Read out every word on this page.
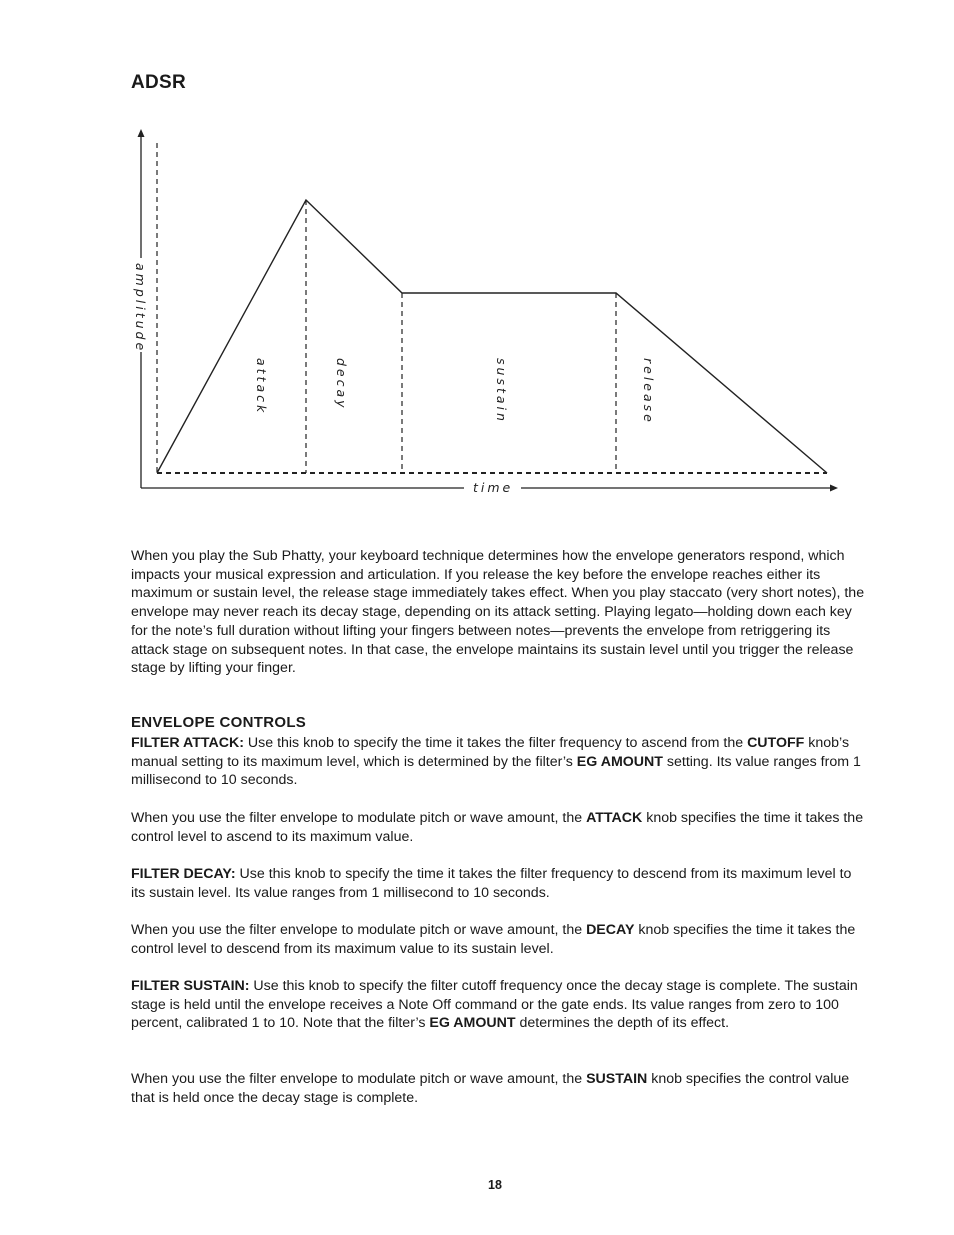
ADSR
amplitude
time
attack	decay	sustain	release

When you play the Sub Phatty, your keyboard technique determines how the envelope generators respond, which impacts your musical expression and articulation. If you release the key before the envelope reaches either its maximum or sustain level, the release stage immediately takes effect. When you play staccato (very short notes), the envelope may never reach its decay stage, depending on its attack setting. Playing legato—holding down each key for the note’s full duration without lifting your fingers between notes—prevents the envelope from retriggering its attack stage on subsequent notes. In that case, the envelope maintains its sustain level until you trigger the release stage by lifting your finger.

ENVELOPE CONTROLS

FILTER ATTACK: Use this knob to specify the time it takes the filter frequency to ascend from the CUTOFF knob’s manual setting to its maximum level, which is determined by the filter’s EG AMOUNT setting. Its value ranges from 1 millisecond to 10 seconds.

When you use the filter envelope to modulate pitch or wave amount, the ATTACK knob specifies the time it takes the control level to ascend to its maximum value.

FILTER DECAY: Use this knob to specify the time it takes the filter frequency to descend from its maximum level to its sustain level. Its value ranges from 1 millisecond to 10 seconds.

When you use the filter envelope to modulate pitch or wave amount, the DECAY knob specifies the time it takes the control level to descend from its maximum value to its sustain level.

FILTER SUSTAIN: Use this knob to specify the filter cutoff frequency once the decay stage is complete. The sustain stage is held until the envelope receives a Note Off command or the gate ends. Its value ranges from zero to 100 percent, calibrated 1 to 10. Note that the filter’s EG AMOUNT determines the depth of its effect.

When you use the filter envelope to modulate pitch or wave amount, the SUSTAIN knob specifies the control value that is held once the decay stage is complete.

18
